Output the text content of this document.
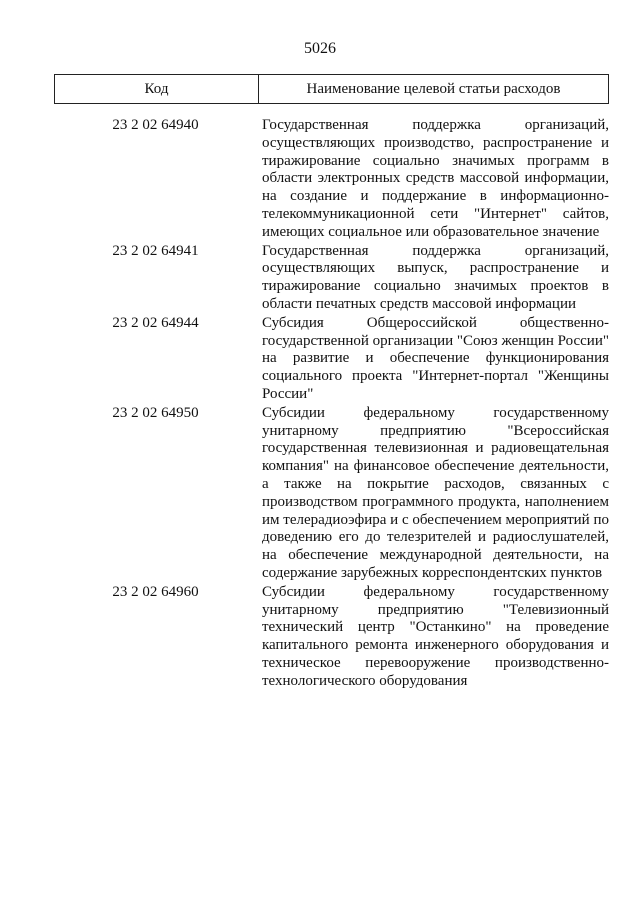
5026
Код	Наименование целевой статьи расходов
23 2 02 64940	Государственная поддержка организаций, осуществляющих производство, распространение и тиражирование социально значимых программ в области электронных средств массовой информации, на создание и поддержание в информационно-телекоммуникационной сети "Интернет" сайтов, имеющих социальное или образовательное значение
23 2 02 64941	Государственная поддержка организаций, осуществляющих выпуск, распространение и тиражирование социально значимых проектов в области печатных средств массовой информации
23 2 02 64944	Субсидия Общероссийской общественно-государственной организации "Союз женщин России" на развитие и обеспечение функционирования социального проекта "Интернет-портал "Женщины России"
23 2 02 64950	Субсидии федеральному государственному унитарному предприятию "Всероссийская государственная телевизионная и радиовещательная компания" на финансовое обеспечение деятельности, а также на покрытие расходов, связанных с производством программного продукта, наполнением им телерадиоэфира и с обеспечением мероприятий по доведению его до телезрителей и радиослушателей, на обеспечение международной деятельности, на содержание зарубежных корреспондентских пунктов
23 2 02 64960	Субсидии федеральному государственному унитарному предприятию "Телевизионный технический центр "Останкино" на проведение капитального ремонта инженерного оборудования и техническое перевооружение производственно-технологического оборудования
